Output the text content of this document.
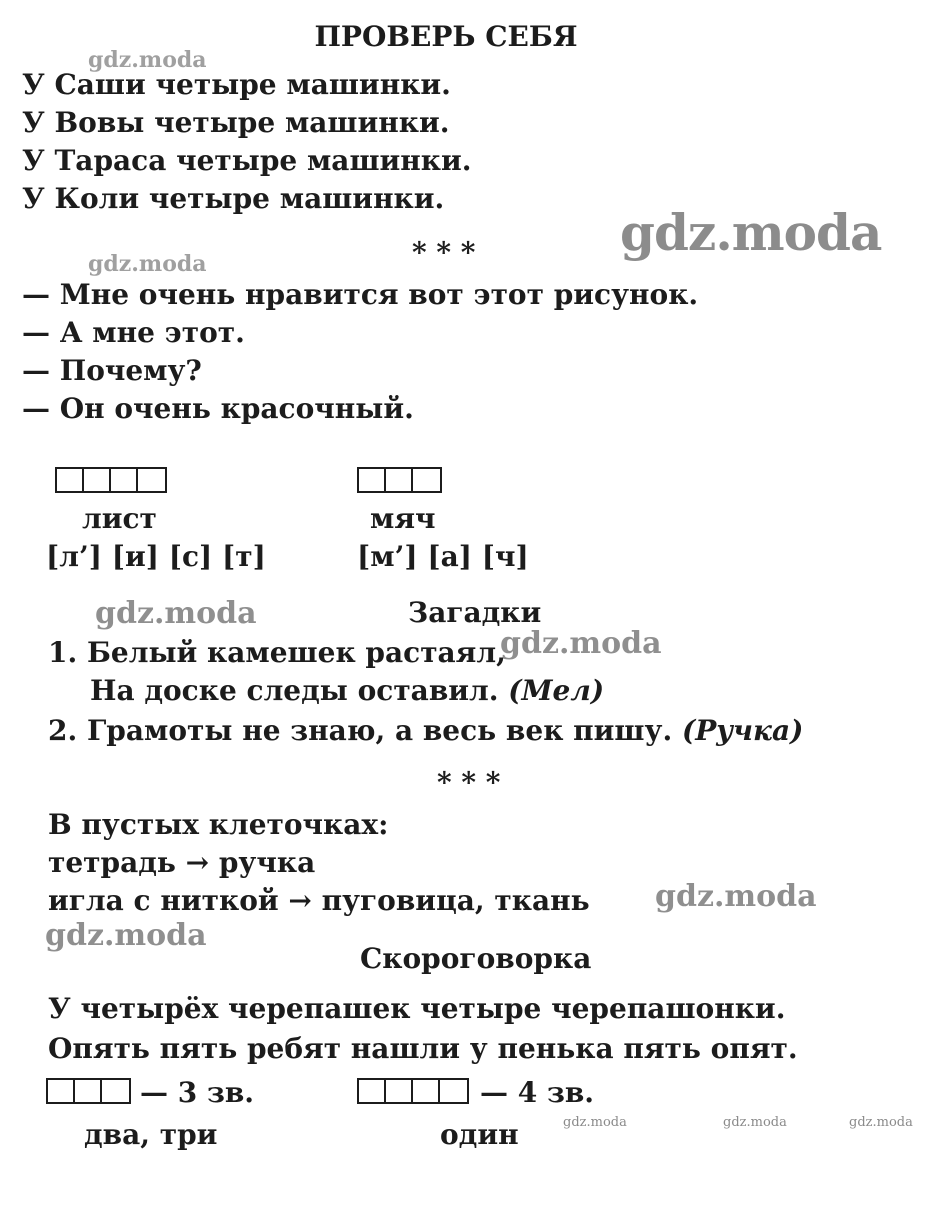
gdz.moda
gdz.moda
gdz.moda
gdz.moda
gdz.moda
gdz.moda
gdz.moda
gdz.moda	gdz.moda	gdz.moda
ПРОВЕРЬ СЕБЯ
У Саши четыре машинки.
У Вовы четыре машинки.
У Тараса четыре машинки.
У Коли четыре машинки.
* * *
— Мне очень нравится вот этот рисунок.
— А мне этот.
— Почему?
— Он очень красочный.
лист	мяч
[л’] [и] [с] [т]	[м’] [а] [ч]
Загадки
1. Белый камешек растаял,
На доске следы оставил. (Мел)
2. Грамоты не знаю, а весь век пишу. (Ручка)
* * *
В пустых клеточках:
тетрадь → ручка
игла с ниткой → пуговица, ткань
Скороговорка
У четырёх черепашек четыре черепашонки.
Опять пять ребят нашли у пенька пять опят.
— 3 зв.	— 4 зв.
два, три	один
